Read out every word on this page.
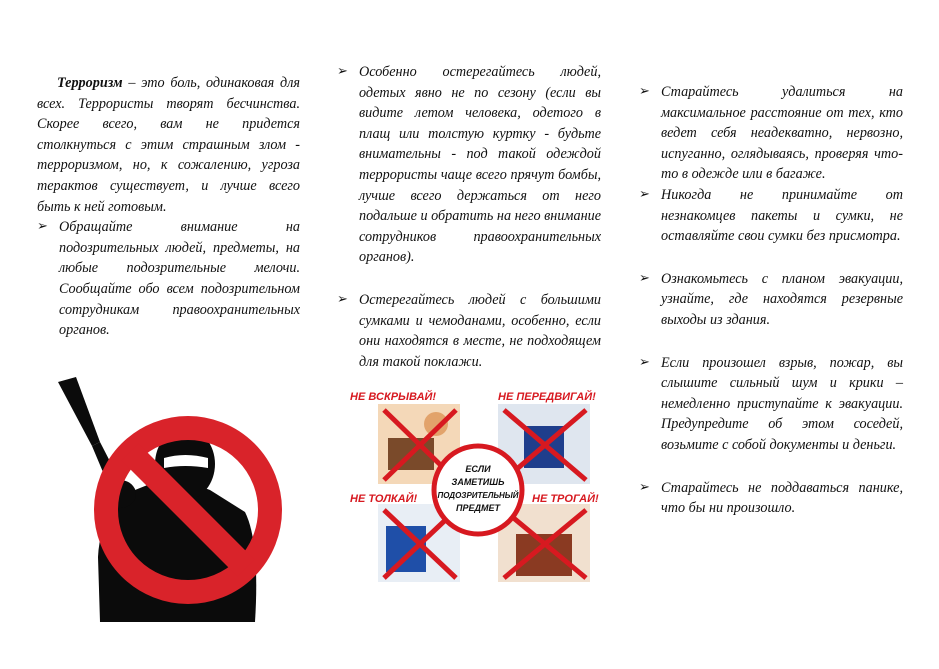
Терроризм – это боль, одинаковая для всех. Террористы творят бесчинства. Скорее всего, вам не придется столкнуться с этим страшным злом - терроризмом, но, к сожалению, угроза терактов существует, и лучше всего быть к ней готовым.

➢ Обращайте внимание на подозрительных людей, предметы, на любые подозрительные мелочи. Сообщайте обо всем подозрительном сотрудникам правоохранительных органов.
➢ Особенно остерегайтесь людей, одетых явно не по сезону (если вы видите летом человека, одетого в плащ или толстую куртку - будьте внимательны - под такой одеждой террористы чаще всего прячут бомбы, лучше всего держаться от него подальше и обратить на него внимание сотрудников правоохранительных органов).
➢ Остерегайтесь людей с большими сумками и чемоданами, особенно, если они находятся в месте, не подходящем для такой поклажи.
НЕ ВСКРЫВАЙ!	НЕ ПЕРЕДВИГАЙ!
НЕ ТОЛКАЙ!	НЕ ТРОГАЙ!
ЕСЛИ
ЗАМЕТИШЬ
ПОДОЗРИТЕЛЬНЫЙ
ПРЕДМЕТ
➢ Старайтесь удалиться на максимальное расстояние от тех, кто ведет себя неадекватно, нервозно, испуганно, оглядываясь, проверяя что-то в одежде или в багаже.
➢ Никогда не принимайте от незнакомцев пакеты и сумки, не оставляйте свои сумки без присмотра.
➢ Ознакомьтесь с планом эвакуации, узнайте, где находятся резервные выходы из здания.
➢ Если произошел взрыв, пожар, вы слышите сильный шум и крики – немедленно приступайте к эвакуации. Предупредите об этом соседей, возьмите с собой документы и деньги.
➢ Старайтесь не поддаваться панике, что бы ни произошло.
